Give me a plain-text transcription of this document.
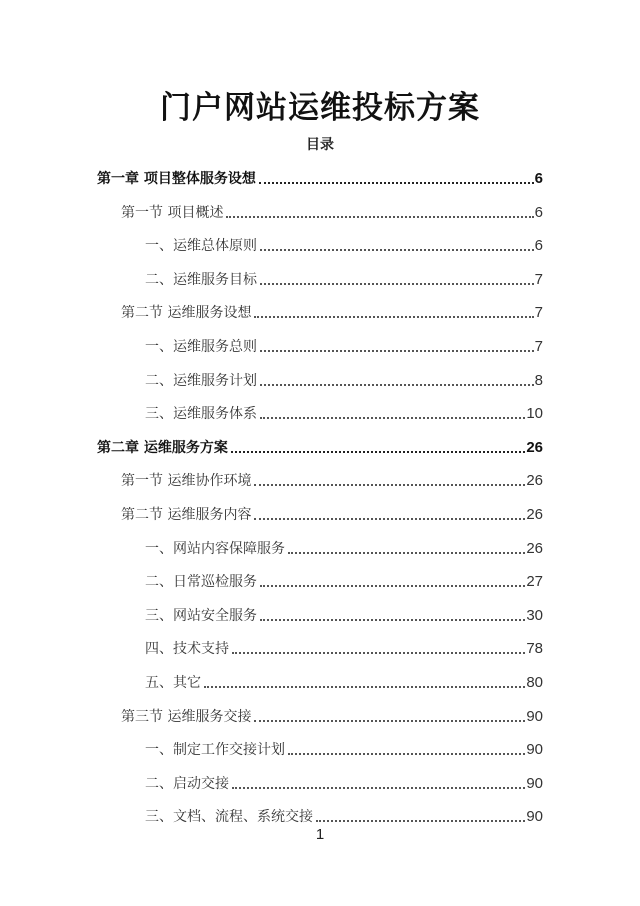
门户网站运维投标方案
目录
第一章 项目整体服务设想	6
第一节 项目概述	6
一、运维总体原则	6
二、运维服务目标	7
第二节 运维服务设想	7
一、运维服务总则	7
二、运维服务计划	8
三、运维服务体系	10
第二章 运维服务方案	26
第一节 运维协作环境	26
第二节 运维服务内容	26
一、网站内容保障服务	26
二、日常巡检服务	27
三、网站安全服务	30
四、技术支持	78
五、其它	80
第三节 运维服务交接	90
一、制定工作交接计划	90
二、启动交接	90
三、文档、流程、系统交接	90
1
